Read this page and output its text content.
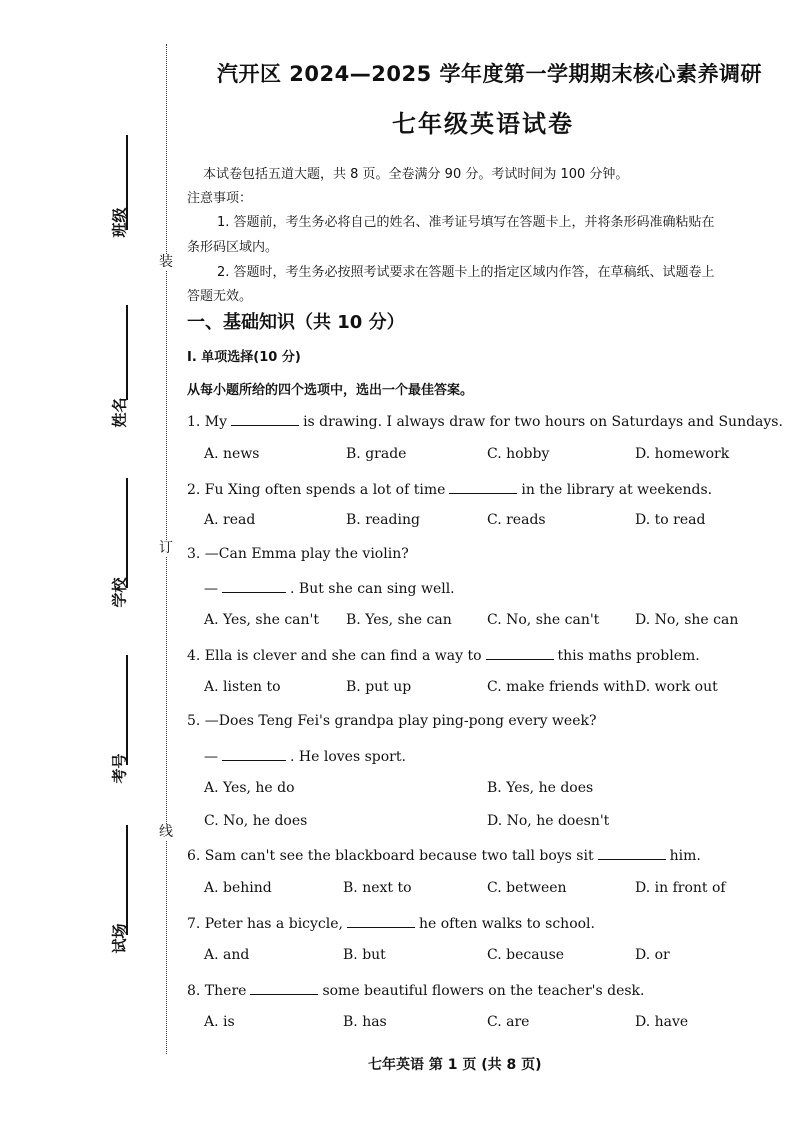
班级
姓名
学校
考号
试场
装
订
线
汽开区 2024—2025 学年度第一学期期末核心素养调研
七年级英语试卷
本试卷包括五道大题，共 8 页。全卷满分 90 分。考试时间为 100 分钟。
注意事项：
1. 答题前，考生务必将自己的姓名、准考证号填写在答题卡上，并将条形码准确粘贴在
条形码区域内。
2. 答题时，考生务必按照考试要求在答题卡上的指定区域内作答，在草稿纸、试题卷上
答题无效。
一、基础知识（共 10 分）
Ⅰ. 单项选择(10 分)
从每小题所给的四个选项中，选出一个最佳答案。
1. My	is drawing. I always draw for two hours on Saturdays and Sundays.
A. news	B. grade	C. hobby	D. homework
2. Fu Xing often spends a lot of time	in the library at weekends.
A. read	B. reading	C. reads	D. to read
3. —Can Emma play the violin?
—	. But she can sing well.
A. Yes, she can't B. Yes, she can	C. No, she can't	D. No, she can
4. Ella is clever and she can find a way to	this maths problem.
A. listen to	B. put up	C. make friends with D. work out
5. —Does Teng Fei's grandpa play ping-pong every week?
—	. He loves sport.
A. Yes, he do	B. Yes, he does
C. No, he does	D. No, he doesn't
6. Sam can't see the blackboard because two tall boys sit	him.
A. behind	B. next to	C. between	D. in front of
7. Peter has a bicycle,	he often walks to school.
A. and	B. but	C. because	D. or
8. There	some beautiful flowers on the teacher's desk.
A. is	B. has	C. are	D. have
七年英语 第 1 页 (共 8 页)
